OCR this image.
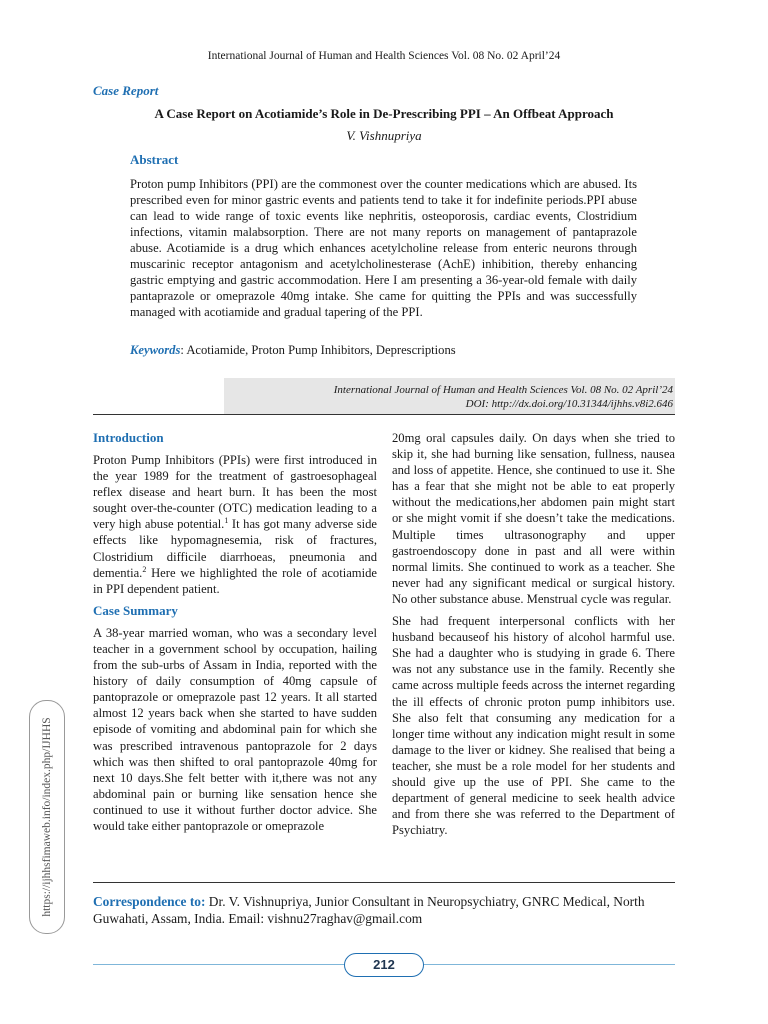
International Journal of Human and Health Sciences Vol. 08 No. 02 April’24
Case Report
A Case Report on Acotiamide’s Role in De-Prescribing PPI – An Offbeat Approach
V. Vishnupriya
Abstract
Proton pump Inhibitors (PPI) are the commonest over the counter medications which are abused. Its prescribed even for minor gastric events and patients tend to take it for indefinite periods.PPI abuse can lead to wide range of toxic events like nephritis, osteoporosis, cardiac events, Clostridium infections, vitamin malabsorption. There are not many reports on management of pantaprazole abuse. Acotiamide is a drug which enhances acetylcholine release from enteric neurons through muscarinic receptor antagonism and acetylcholinesterase (AchE) inhibition, thereby enhancing gastric emptying and gastric accommodation. Here I am presenting a 36-year-old female with daily pantaprazole or omeprazole 40mg intake. She came for quitting the PPIs and was successfully managed with acotiamide and gradual tapering of the PPI.
Keywords: Acotiamide, Proton Pump Inhibitors, Deprescriptions
International Journal of Human and Health Sciences Vol. 08 No. 02 April’24
DOI: http://dx.doi.org/10.31344/ijhhs.v8i2.646
Introduction

Proton Pump Inhibitors (PPIs) were first introduced in the year 1989 for the treatment of gastroesophageal reflex disease and heart burn. It has been the most sought over-the-counter (OTC) medication leading to a very high abuse potential.$^1$ It has got many adverse side effects like hypomagnesemia, risk of fractures, Clostridium difficile diarrhoeas, pneumonia and dementia.$^2$ Here we highlighted the role of acotiamide in PPI dependent patient.

Case Summary

A 38-year married woman, who was a secondary level teacher in a government school by occupation, hailing from the sub-urbs of Assam in India, reported with the history of daily consumption of 40mg capsule of pantoprazole or omeprazole past 12 years. It all started almost 12 years back when she started to have sudden episode of vomiting and abdominal pain for which she was prescribed intravenous pantoprazole for 2 days which was then shifted to oral pantoprazole 40mg for next 10 days.She felt better with it,there was not any abdominal pain or burning like sensation hence she continued to use it without further doctor advice. She would take either pantoprazole or omeprazole

20mg oral capsules daily. On days when she tried to skip it, she had burning like sensation, fullness, nausea and loss of appetite. Hence, she continued to use it. She has a fear that she might not be able to eat properly without the medications,her abdomen pain might start or she might vomit if she doesn’t take the medications. Multiple times ultrasonography and upper gastroendoscopy done in past and all were within normal limits. She continued to work as a teacher. She never had any significant medical or surgical history. No other substance abuse. Menstrual cycle was regular.

She had frequent interpersonal conflicts with her husband becauseof his history of alcohol harmful use. She had a daughter who is studying in grade 6. There was not any substance use in the family. Recently she came across multiple feeds across the internet regarding the ill effects of chronic proton pump inhibitors use. She also felt that consuming any medication for a longer time without any indication might result in some damage to the liver or kidney. She realised that being a teacher, she must be a role model for her students and should give up the use of PPI. She came to the department of general medicine to seek health advice and from there she was referred to the Department of Psychiatry.

Correspondence to: Dr. V. Vishnupriya, Junior Consultant in Neuropsychiatry, GNRC Medical, North Guwahati, Assam, India. Email: vishnu27raghav@gmail.com
212
https://ijhhsfimaweb.info/index.php/IJHHS
